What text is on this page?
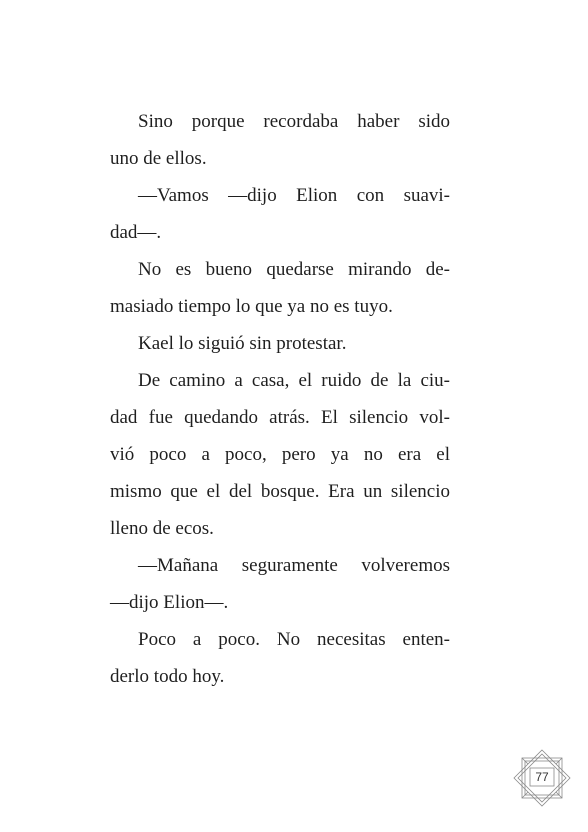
Sino porque recordaba haber sido
uno de ellos.
—Vamos —dijo Elion con suavi-
dad—.
No es bueno quedarse mirando de-
masiado tiempo lo que ya no es tuyo.
Kael lo siguió sin protestar.
De camino a casa, el ruido de la ciu-
dad fue quedando atrás. El silencio vol-
vió poco a poco, pero ya no era el
mismo que el del bosque. Era un silencio
lleno de ecos.
—Mañana seguramente volveremos
—dijo Elion—.
Poco a poco. No necesitas enten-
derlo todo hoy.
77
